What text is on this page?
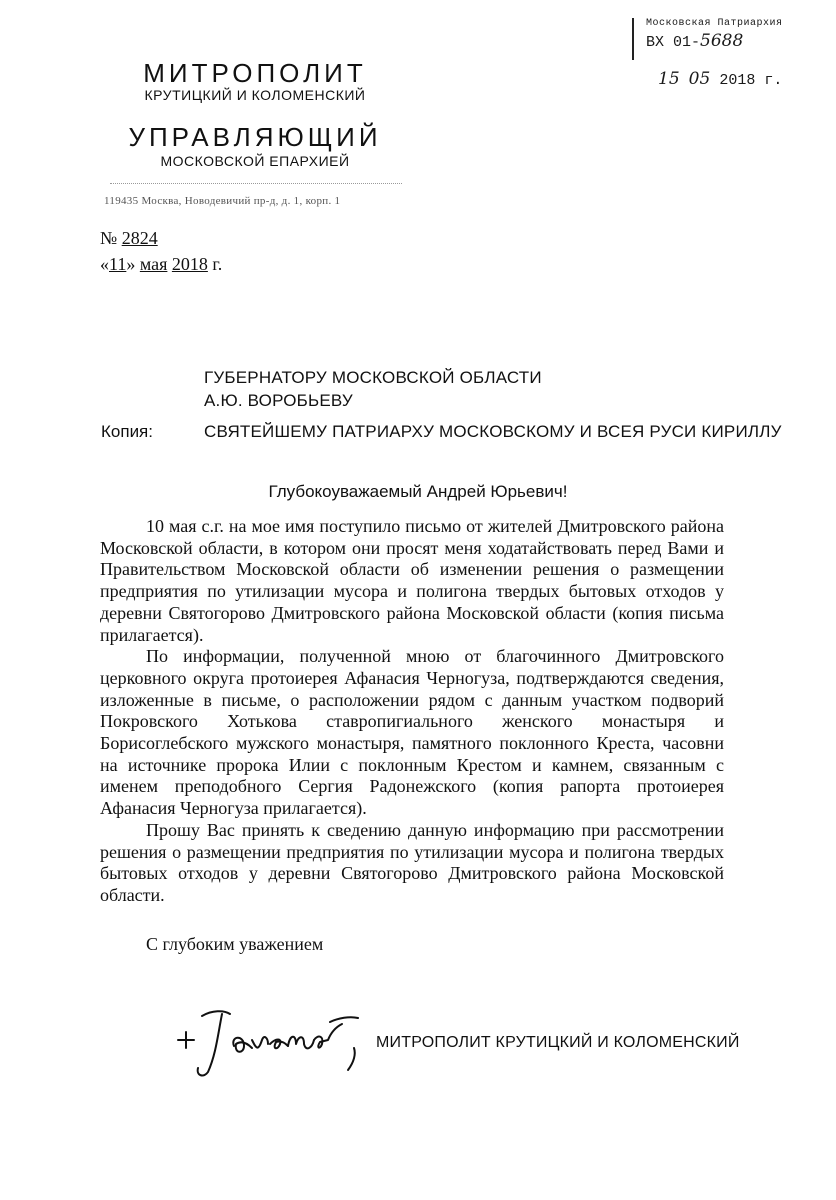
МИТРОПОЛИТ
КРУТИЦКИЙ И КОЛОМЕНСКИЙ
УПРАВЛЯЮЩИЙ
МОСКОВСКОЙ ЕПАРХИЕЙ
119435 Москва, Новодевичий пр-д, д. 1, корп. 1
№ 2824
«11» мая 2018 г.
Московская Патриархия
ВХ 01-5688
15 05 2018 г.
ГУБЕРНАТОРУ МОСКОВСКОЙ ОБЛАСТИ
А.Ю. ВОРОБЬЕВУ
Копия:	СВЯТЕЙШЕМУ ПАТРИАРХУ МОСКОВСКОМУ И ВСЕЯ РУСИ КИРИЛЛУ
Глубокоуважаемый Андрей Юрьевич!

10 мая с.г. на мое имя поступило письмо от жителей Дмитровского района Московской области, в котором они просят меня ходатайствовать перед Вами и Правительством Московской области об изменении решения о размещении предприятия по утилизации мусора и полигона твердых бытовых отходов у деревни Святогорово Дмитровского района Московской области (копия письма прилагается).

По информации, полученной мною от благочинного Дмитровского церковного округа протоиерея Афанасия Черногуза, подтверждаются сведения, изложенные в письме, о расположении рядом с данным участком подворий Покровского Хотькова ставропигиального женского монастыря и Борисоглебского мужского монастыря, памятного поклонного Креста, часовни на источнике пророка Илии с поклонным Крестом и камнем, связанным с именем преподобного Сергия Радонежского (копия рапорта протоиерея Афанасия Черногуза прилагается).

Прошу Вас принять к сведению данную информацию при рассмотрении решения о размещении предприятия по утилизации мусора и полигона твердых бытовых отходов у деревни Святогорово Дмитровского района Московской области.

С глубоким уважением
МИТРОПОЛИТ КРУТИЦКИЙ И КОЛОМЕНСКИЙ
